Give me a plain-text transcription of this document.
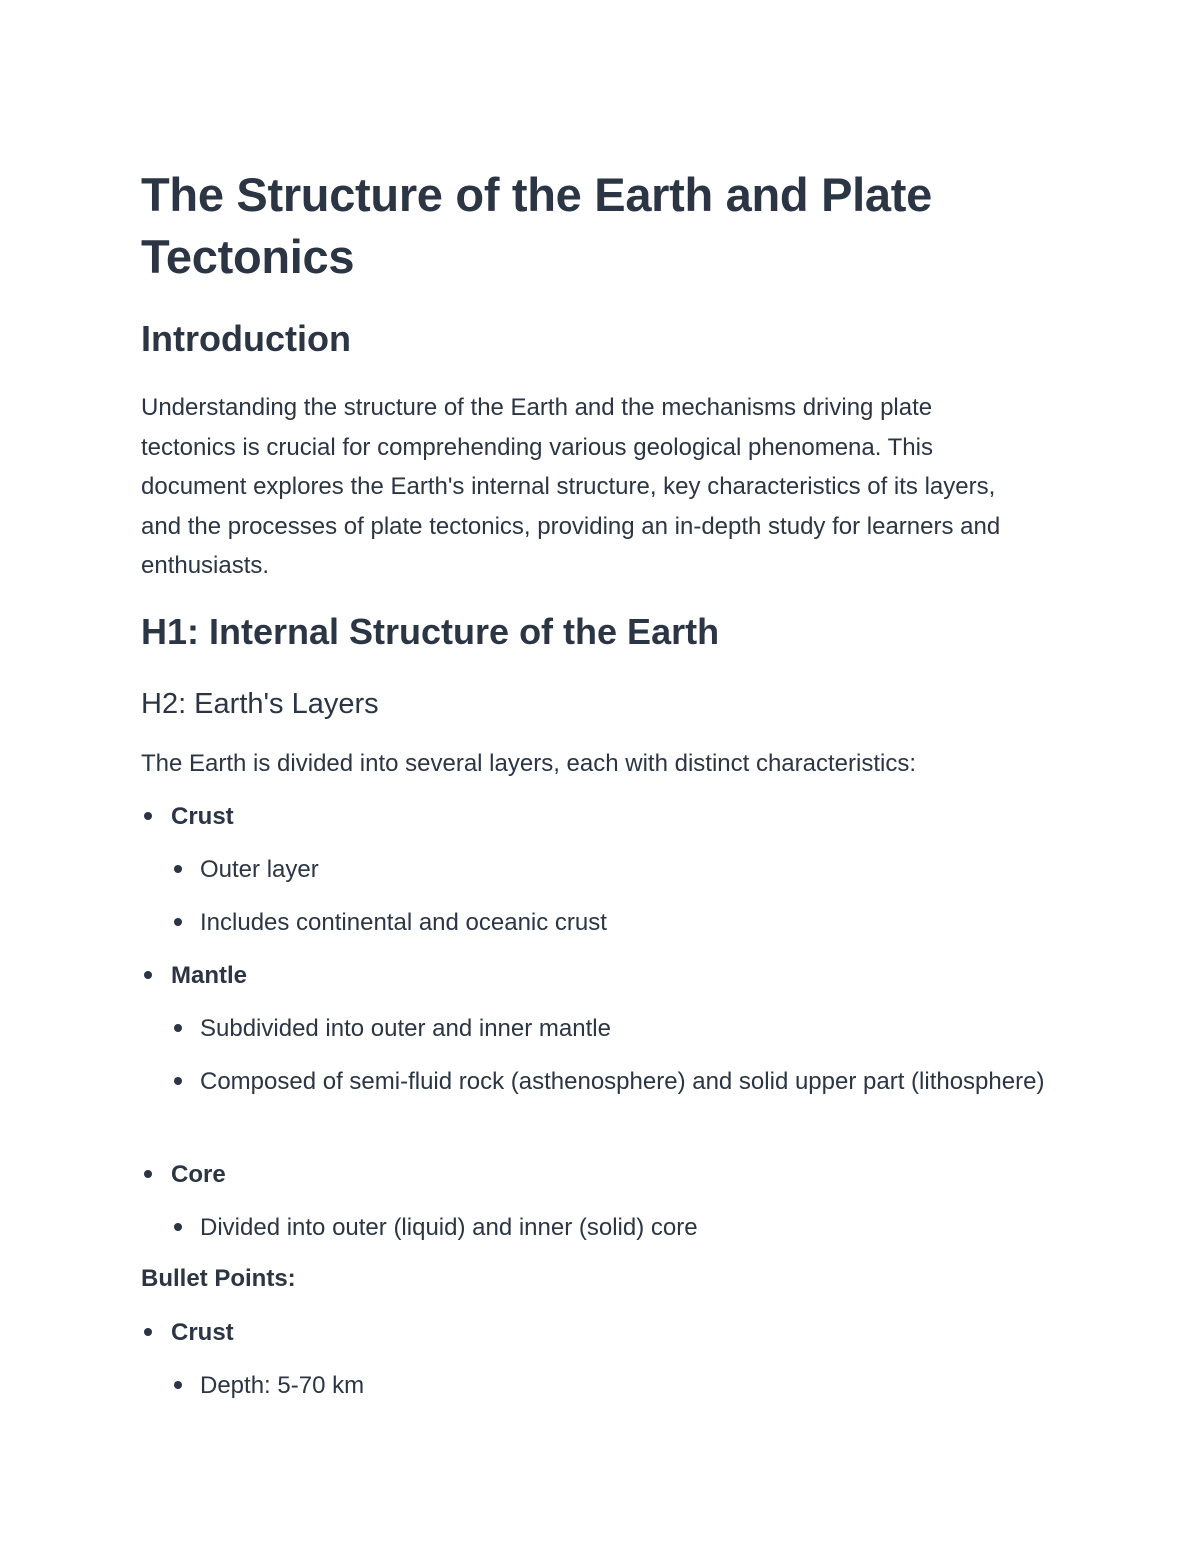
The Structure of the Earth and Plate Tectonics
Introduction

Understanding the structure of the Earth and the mechanisms driving plate tectonics is crucial for comprehending various geological phenomena. This document explores the Earth's internal structure, key characteristics of its layers, and the processes of plate tectonics, providing an in-depth study for learners and enthusiasts.

H1: Internal Structure of the Earth
H2: Earth's Layers

The Earth is divided into several layers, each with distinct characteristics:

Crust
Outer layer
Includes continental and oceanic crust
Mantle
Subdivided into outer and inner mantle
Composed of semi-fluid rock (asthenosphere) and solid upper part (lithosphere)
Core
Divided into outer (liquid) and inner (solid) core

Bullet Points:

Crust
Depth: 5-70 km
